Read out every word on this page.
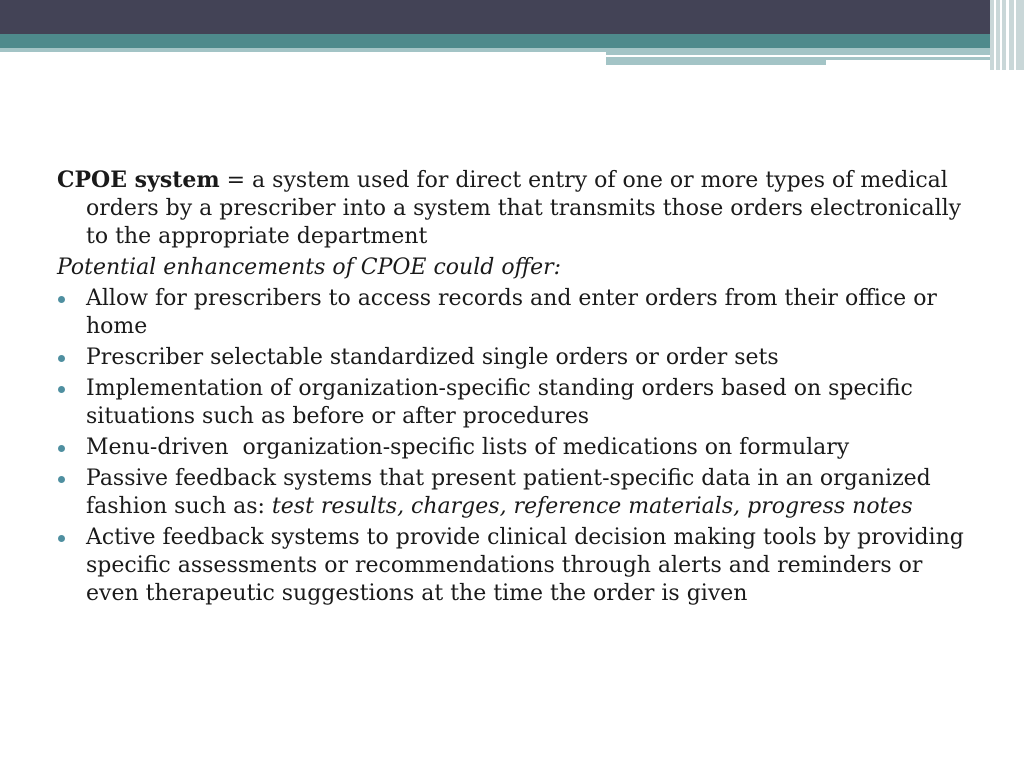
CPOE system = a system used for direct entry of one or more types of medical orders by a prescriber into a system that transmits those orders electronically to the appropriate department

Potential enhancements of CPOE could offer:

Allow for prescribers to access records and enter orders from their office or home
Prescriber selectable standardized single orders or order sets
Implementation of organization-specific standing orders based on specific situations such as before or after procedures
Menu-driven  organization-specific lists of medications on formulary
Passive feedback systems that present patient-specific data in an organized fashion such as: test results, charges, reference materials, progress notes
Active feedback systems to provide clinical decision making tools by providing specific assessments or recommendations through alerts and reminders or even therapeutic suggestions at the time the order is given
